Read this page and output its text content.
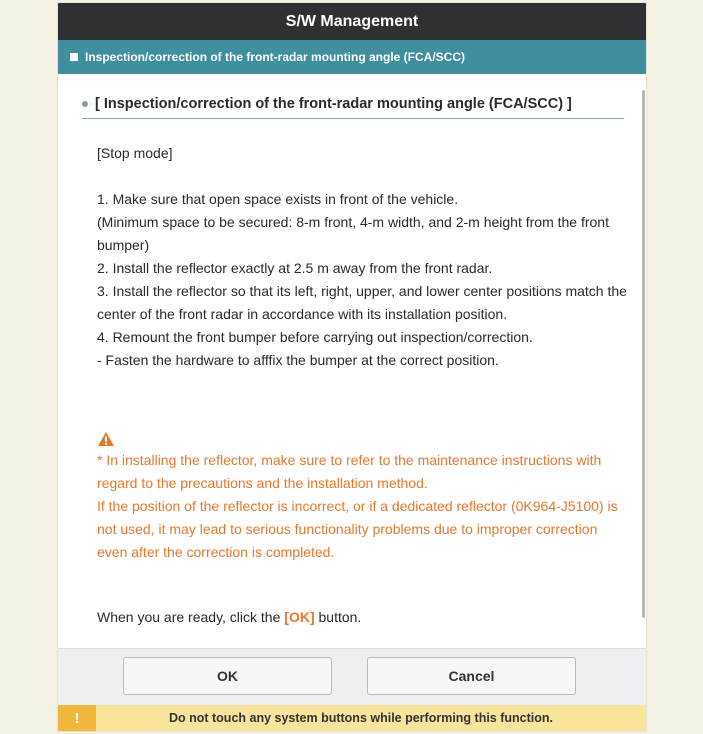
S/W Management
Inspection/correction of the front-radar mounting angle (FCA/SCC)
[ Inspection/correction of the front-radar mounting angle (FCA/SCC) ]

[Stop mode]

1. Make sure that open space exists in front of the vehicle.

(Minimum space to be secured: 8-m front, 4-m width, and 2-m height from the front bumper)

2. Install the reflector exactly at 2.5 m away from the front radar.

3. Install the reflector so that its left, right, upper, and lower center positions match the center of the front radar in accordance with its installation position.

4. Remount the front bumper before carrying out inspection/correction.

- Fasten the hardware to afffix the bumper at the correct position.

* In installing the reflector, make sure to refer to the maintenance instructions with regard to the precautions and the installation method.

If the position of the reflector is incorrect, or if a dedicated reflector (0K964-J5100) is not used, it may lead to serious functionality problems due to improper correction even after the correction is completed.

When you are ready, click the [OK] button.
OK	Cancel
!	Do not touch any system buttons while performing this function.
